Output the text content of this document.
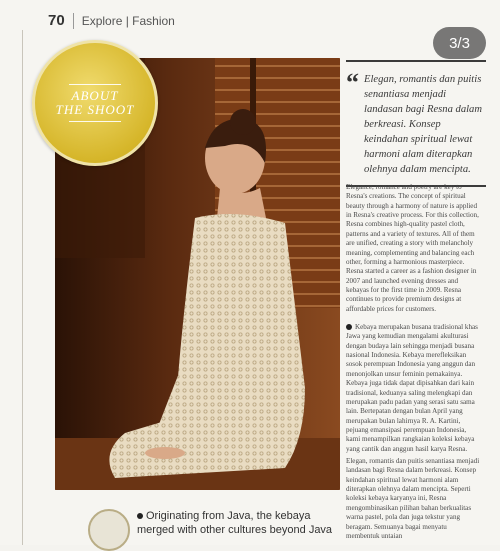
70 Explore | Fashion
ABOUT
THE SHOOT
3/3
“ Elegan, romantis dan puitis senantiasa menjadi landasan bagi Resna dalam berkreasi. Konsep keindahan spiritual lewat harmoni alam diterapkan olehnya dalam mencipta.

Elegance, romance and poetry are key to Resna's creations. The concept of spiritual beauty through a harmony of nature is applied in Resna's creative process. For this collection, Resna combines high-quality pastel cloth, patterns and a variety of textures. All of them are unified, creating a story with melancholy meaning, complementing and balancing each other, forming a harmonious masterpiece. Resna started a career as a fashion designer in 2007 and launched evening dresses and kebayas for the first time in 2009. Resna continues to provide premium designs at affordable prices for customers.

Kebaya merupakan busana tradisional khas Jawa yang kemudian mengalami akulturasi dengan budaya lain sehingga menjadi busana nasional Indonesia. Kebaya merefleksikan sosok perempuan Indonesia yang anggun dan menonjolkan unsur feminin pemakainya. Kebaya juga tidak dapat dipisahkan dari kain tradisional, keduanya saling melengkapi dan merupakan padu padan yang serasi satu sama lain. Bertepatan dengan bulan April yang merupakan bulan lahirnya R. A. Kartini, pejuang emansipasi perempuan Indonesia, kami menampilkan rangkaian koleksi kebaya yang cantik dan anggun hasil karya Resna.

Elegan, romantis dan puitis senantiasa menjadi landasan bagi Resna dalam berkreasi. Konsep keindahan spiritual lewat harmoni alam diterapkan olehnya dalam mencipta. Seperti koleksi kebaya karyanya ini, Resna mengombinasikan pilihan bahan berkualitas warna pastel, pola dan juga tekstur yang beragam. Semuanya bagai menyatu membentuk untaian

Originating from Java, the kebaya merged with other cultures beyond Java
